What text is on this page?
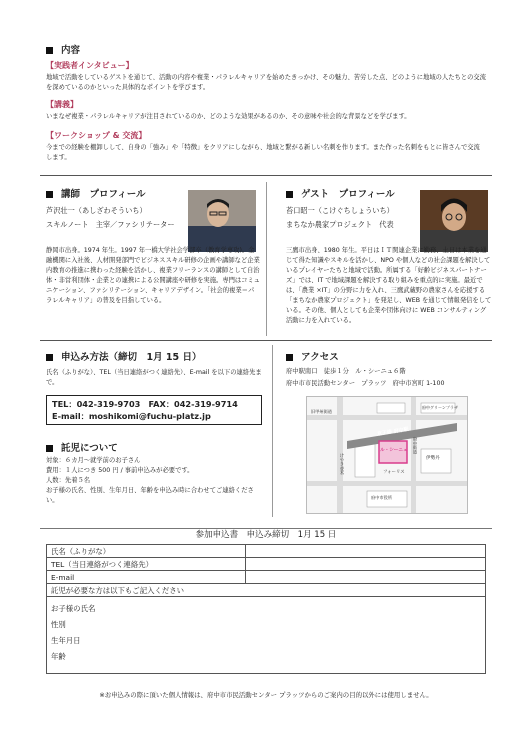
内容
【実践者インタビュー】
地域で活動をしているゲストを通じて、活動の内容や複業・パラレルキャリアを始めたきっかけ、その魅力、苦労した点、どのように地域の人たちとの交流を深めているのかといった具体的なポイントを学びます。
【講義】
いまなぜ複業・パラレルキャリアが注目されているのか、どのような効果があるのか、その意味や社会的な背景などを学びます。
【ワークショップ & 交流】
今までの経験を棚卸しして、自身の「強み」や「特徴」をクリアにしながら、地域と繋がる新しい名刺を作ります。また作った名刺をもとに皆さんで交流します。
講師　プロフィール
芦沢壮一（あしざわそういち）
スキルノート　主宰／ファシリテーター
静岡市出身。1974 年生。1997 年一橋大学社会学部卒（教育学専攻)。金融機関に入社後、人材開発部門でビジネススキル研修の企画や講師など企業内教育の推進に携わった経験を活かし、複業フリーランスの講師として自治体・非営利団体・企業との連携による公開講座や研修を実施。専門はコミュニケーション、ファシリテーション、キャリアデザイン。「社会的複業＝パラレルキャリア」の普及を目指している。
ゲスト　プロフィール
苔口昭一（こけぐちしょういち）
まちなか農家プロジェクト　代表
三鷹市出身、1980 年生。平日はＩＴ関連企業に勤務、土日は本業を通じて得た知識やスキルを活かし、NPO や個人などの社会課題を解決しているプレイヤーたちと地域で活動。所属する「好齢ビジネスパートナーズ」では、IT で地域課題を解決する取り組みを重点的に実施。最近では、「農業 ×IT」の分野に力を入れ、三鷹武蔵野の農家さんを応援する「まちなか農家プロジェクト」を発足し、WEB を通じて情報発信をしている。その他、個人としても企業や団体向けに WEB コンサルティング活動に力を入れている。
申込み方法（締切　1月 15 日）
氏名（ふりがな）、TEL（当日連絡がつく連絡先）、E-mail を以下の連絡先まで。
TEL：042-319-9703　FAX：042-319-9714
E-mail：moshikomi@fuchu-platz.jp
託児について
対象：６カ月～就学前のお子さん
費用：１人につき 500 円 / 事前申込みが必要です。
人数：先着５名
お子様の氏名、性別、生年月日、年齢を申込み時に合わせてご連絡ください。
アクセス
府中駅南口　徒歩１分　ル・シーニュ６階
府中市市民活動センター　プラッツ　府中市宮町 1-100
京王線 府中駅
ル・シーニュ
けやき並木
旧甲州街道
府中街道
伊勢丹
フォーリス
府中市役所
府中グリーンプラザ
参加申込書　申込み締切　1月 15 日
氏名（ふりがな）	
TEL（当日連絡がつく連絡先）	
E-mail	
託児が必要な方は以下もご記入ください	

お子様の氏名
性別
生年月日
年齢	
※お申込みの際に頂いた個人情報は、府中市市民活動センター プラッツからのご案内の目的以外には使用しません。
